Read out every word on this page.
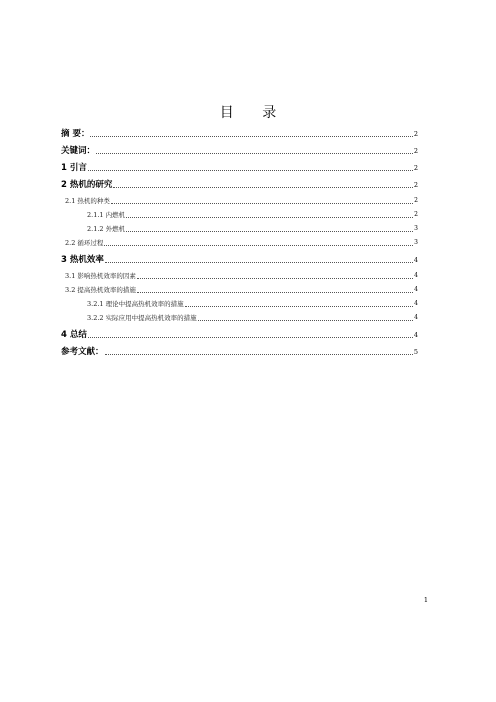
目 录
摘 要：	2
关键词：	2
1 引言	2
2 热机的研究	2
2.1 热机的种类	2
2.1.1 内燃机	2
2.1.2 外燃机	3
2.2 循环过程	3
3 热机效率	4
3.1 影响热机效率的因素	4
3.2 提高热机效率的措施	4
3.2.1 理论中提高热机效率的措施	4
3.2.2 实际应用中提高热机效率的措施	4
4 总结	4
参考文献：	5
1
